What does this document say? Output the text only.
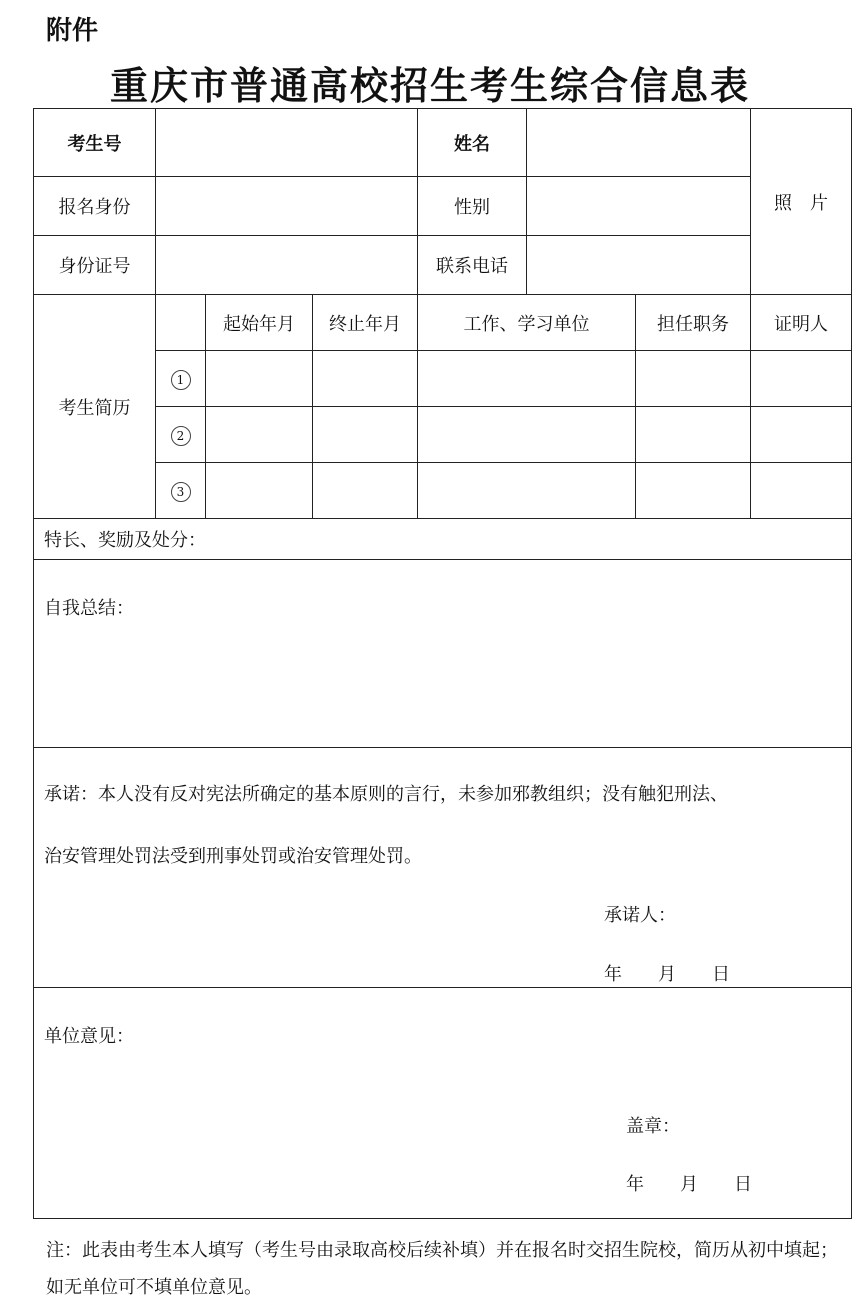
附件
重庆市普通高校招生考生综合信息表
考生号				姓名			照　片
报名身份				性别			
身份证号				联系电话			
考生简历		起始年月	终止年月	工作、学习单位		担任职务	证明人
	1						
	2						
	3						
特长、奖励及处分：							

自我总结：							

承诺：本人没有反对宪法所确定的基本原则的言行，未参加邪教组织；没有触犯刑法、
治安管理处罚法受到刑事处罚或治安管理处罚。
承诺人：
年　　月　　日							

单位意见：
盖章：
年　　月　　日							
注：此表由考生本人填写（考生号由录取高校后续补填）并在报名时交招生院校，简历从初中填起；如无单位可不填单位意见。
